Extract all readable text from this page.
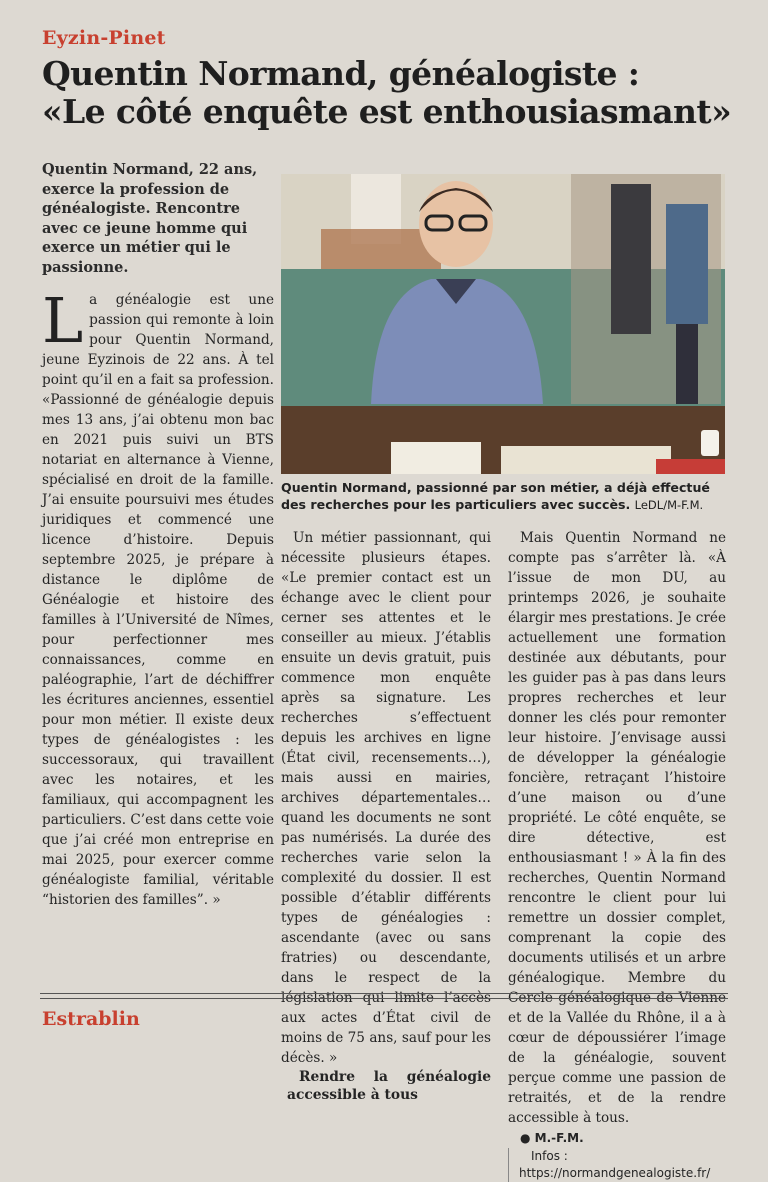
Eyzin-Pinet
Quentin Normand, généalogiste :
«Le côté enquête est enthousiasmant»
Quentin Normand, 22 ans, exerce la profession de généalogiste. Rencontre avec ce jeune homme qui exerce un métier qui le passionne.
Quentin Normand, passionné par son métier, a déjà effectué des recherches pour les particuliers avec succès. LeDL/M-F.M.

La généalogie est une passion qui remonte à loin pour Quentin Normand, jeune Eyzinois de 22 ans. À tel point qu’il en a fait sa profession. «Passionné de généalogie depuis mes 13 ans, j’ai obtenu mon bac en 2021 puis suivi un BTS notariat en alternance à Vienne, spécialisé en droit de la famille. J’ai ensuite poursuivi mes études juridiques et commencé une licence d’histoire. Depuis septembre 2025, je prépare à distance le diplôme de Généalogie et histoire des familles à l’Université de Nîmes, pour perfectionner mes connaissances, comme en paléographie, l’art de déchiffrer les écritures anciennes, essentiel pour mon métier. Il existe deux types de généalogistes : les successoraux, qui travaillent avec les notaires, et les familiaux, qui accompagnent les particuliers. C’est dans cette voie que j’ai créé mon entreprise en mai 2025, pour exercer comme généalogiste familial, véritable “historien des familles”. »

Un métier passionnant, qui nécessite plusieurs étapes. «Le premier contact est un échange avec le client pour cerner ses attentes et le conseiller au mieux. J’établis ensuite un devis gratuit, puis commence mon enquête après sa signature. Les recherches s’effectuent depuis les archives en ligne (État civil, recensements…), mais aussi en mairies, archives départementales… quand les documents ne sont pas numérisés. La durée des recherches varie selon la complexité du dossier. Il est possible d’établir différents types de généalogies : ascendante (avec ou sans fratries) ou descendante, dans le respect de la législation qui limite l’accès aux actes d’État civil de moins de 75 ans, sauf pour les décès. »

Rendre la généalogie accessible à tous

Mais Quentin Normand ne compte pas s’arrêter là. «À l’issue de mon DU, au printemps 2026, je souhaite élargir mes prestations. Je crée actuellement une formation destinée aux débutants, pour les guider pas à pas dans leurs propres recherches et leur donner les clés pour remonter leur histoire. J’envisage aussi de développer la généalogie foncière, retraçant l’histoire d’une maison ou d’une propriété. Le côté enquête, se dire détective, est enthousiasmant ! » À la fin des recherches, Quentin Normand rencontre le client pour lui remettre un dossier complet, comprenant la copie des documents utilisés et un arbre généalogique. Membre du Cercle généalogique de Vienne et de la Vallée du Rhône, il a à cœur de dépoussiérer l’image de la généalogie, souvent perçue comme une passion de retraités, et de la rendre accessible à tous.

● M.-F.M.

Infos : https://normandgenealogiste.fr/

Estrablin
